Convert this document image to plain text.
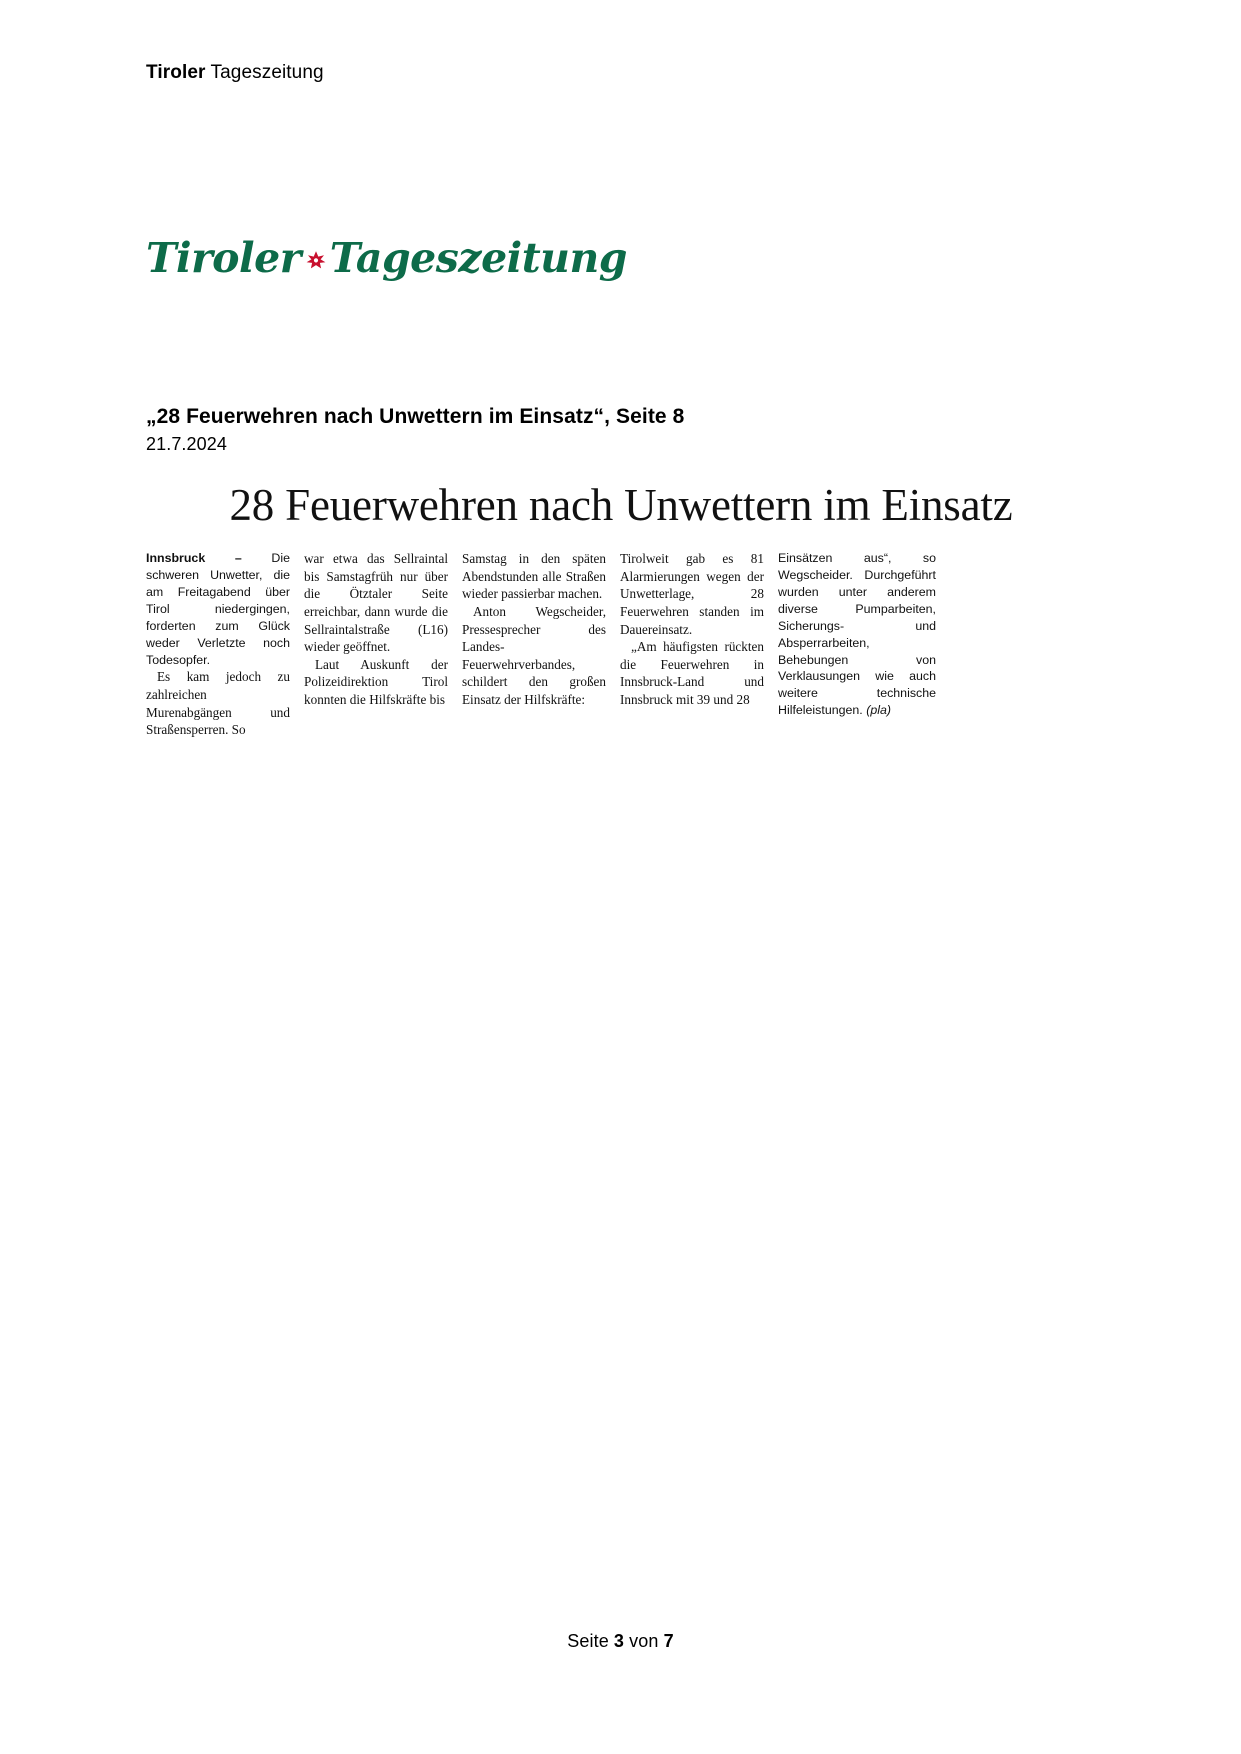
Tiroler Tageszeitung
Tiroler Tageszeitung
„28 Feuerwehren nach Unwettern im Einsatz“, Seite 8
21.7.2024
28 Feuerwehren nach Unwettern im Einsatz

Innsbruck – Die schweren Unwetter, die am Freitagabend über Tirol niedergingen, forderten zum Glück weder Verletzte noch Todesopfer.

Es kam jedoch zu zahlreichen Murenabgängen und Straßensperren. So

war etwa das Sellraintal bis Samstagfrüh nur über die Ötztaler Seite erreichbar, dann wurde die Sellraintalstraße (L16) wieder geöffnet.

Laut Auskunft der Polizeidirektion Tirol konnten die Hilfskräfte bis

Samstag in den späten Abendstunden alle Straßen wieder passierbar machen.

Anton Wegscheider, Pressesprecher des Landes-Feuerwehrverbandes, schildert den großen Einsatz der Hilfskräfte:

Tirolweit gab es 81 Alarmierungen wegen der Unwetterlage, 28 Feuerwehren standen im Dauereinsatz.

„Am häufigsten rückten die Feuerwehren in Innsbruck-Land und Innsbruck mit 39 und 28

Einsätzen aus“, so Wegscheider. Durchgeführt wurden unter anderem diverse Pumparbeiten, Sicherungs- und Absperrarbeiten, Behebungen von Verklausungen wie auch weitere technische Hilfeleistungen. (pla)

Seite 3 von 7
